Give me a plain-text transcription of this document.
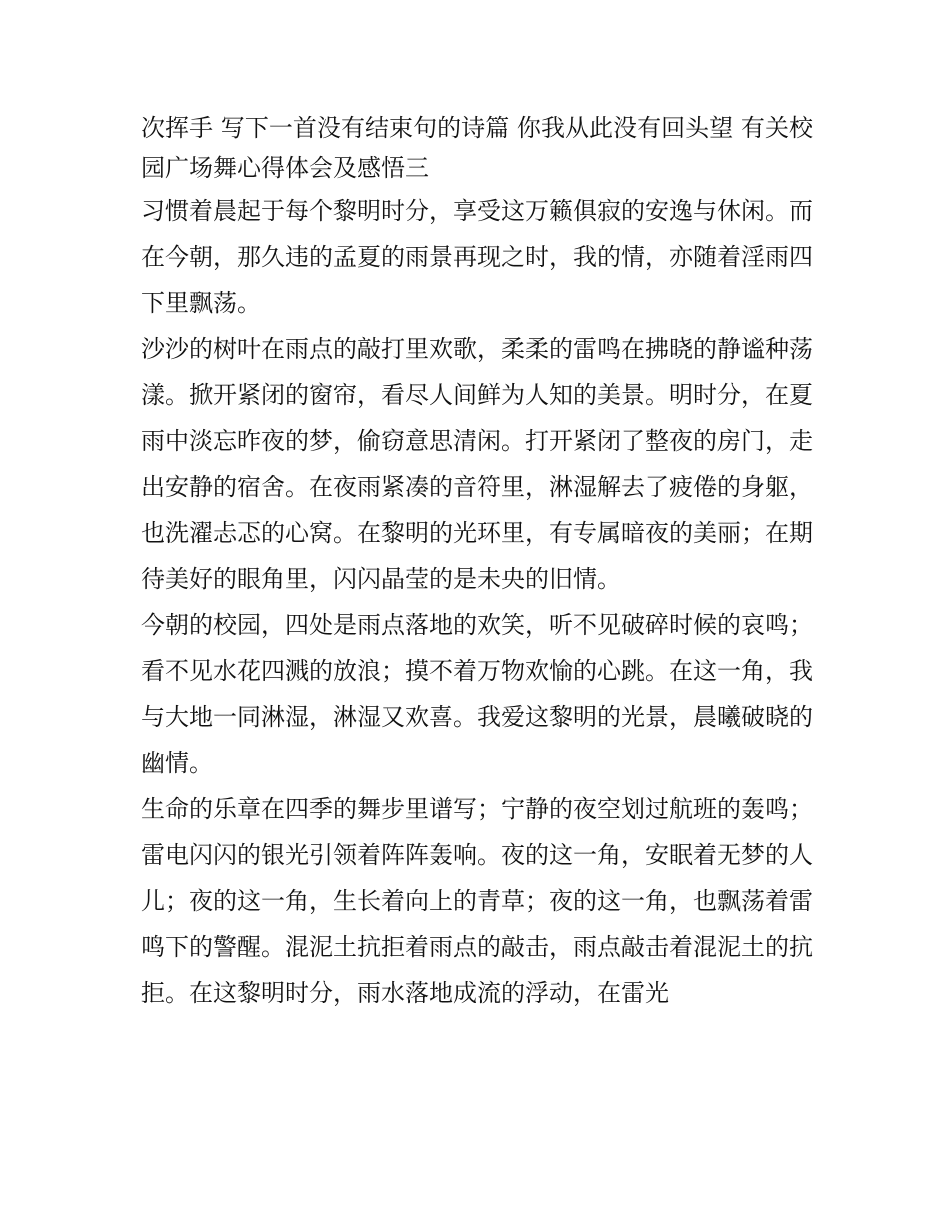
次挥手 写下一首没有结束句的诗篇 你我从此没有回头望 有关校园广场舞心得体会及感悟三

习惯着晨起于每个黎明时分，享受这万籁俱寂的安逸与休闲。而在今朝，那久违的孟夏的雨景再现之时，我的情，亦随着淫雨四下里飘荡。

沙沙的树叶在雨点的敲打里欢歌，柔柔的雷鸣在拂晓的静谧种荡漾。掀开紧闭的窗帘，看尽人间鲜为人知的美景。明时分，在夏雨中淡忘昨夜的梦，偷窃意思清闲。打开紧闭了整夜的房门，走出安静的宿舍。在夜雨紧凑的音符里，淋湿解去了疲倦的身躯，也洗濯忐忑的心窝。在黎明的光环里，有专属暗夜的美丽；在期待美好的眼角里，闪闪晶莹的是未央的旧情。

今朝的校园，四处是雨点落地的欢笑，听不见破碎时候的哀鸣；看不见水花四溅的放浪；摸不着万物欢愉的心跳。在这一角，我与大地一同淋湿，淋湿又欢喜。我爱这黎明的光景，晨曦破晓的幽情。

生命的乐章在四季的舞步里谱写；宁静的夜空划过航班的轰鸣；雷电闪闪的银光引领着阵阵轰响。夜的这一角，安眠着无梦的人儿；夜的这一角，生长着向上的青草；夜的这一角，也飘荡着雷鸣下的警醒。混泥土抗拒着雨点的敲击，雨点敲击着混泥土的抗拒。在这黎明时分，雨水落地成流的浮动，在雷光
